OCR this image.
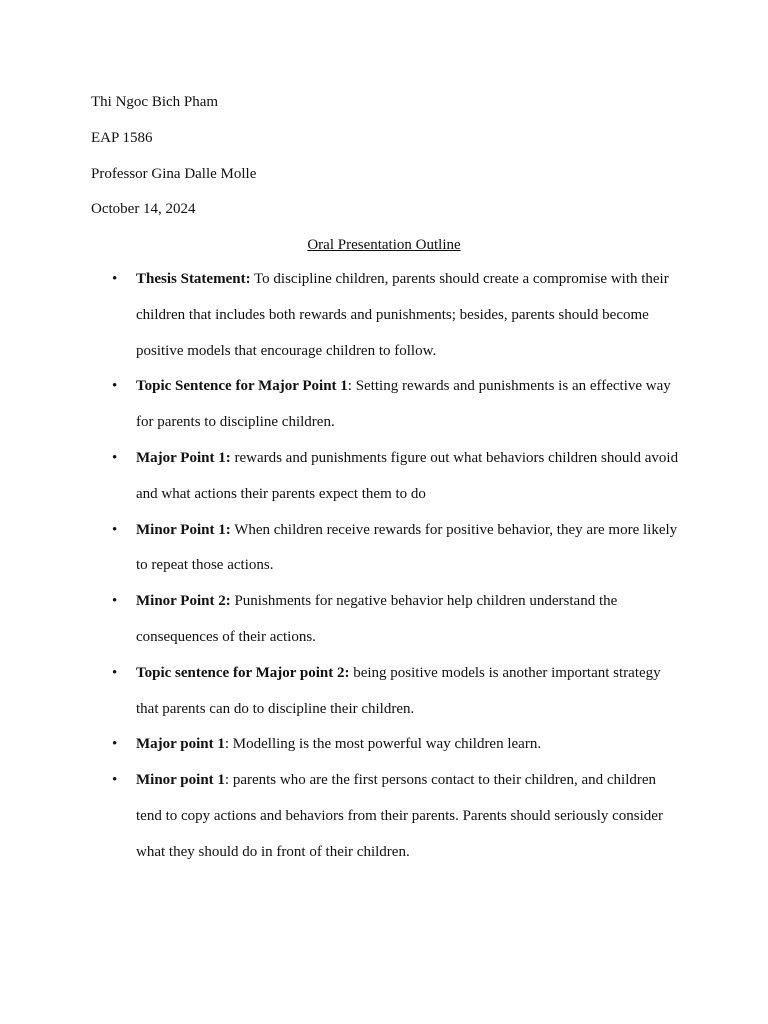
Thi Ngoc Bich Pham
EAP 1586
Professor Gina Dalle Molle
October 14, 2024
Oral Presentation Outline
• Thesis Statement: To discipline children, parents should create a compromise with their children that includes both rewards and punishments; besides, parents should become positive models that encourage children to follow.
• Topic Sentence for Major Point 1: Setting rewards and punishments is an effective way for parents to discipline children.
• Major Point 1: rewards and punishments figure out what behaviors children should avoid and what actions their parents expect them to do
• Minor Point 1: When children receive rewards for positive behavior, they are more likely to repeat those actions.
• Minor Point 2: Punishments for negative behavior help children understand the consequences of their actions.
• Topic sentence for Major point 2: being positive models is another important strategy that parents can do to discipline their children.
• Major point 1: Modelling is the most powerful way children learn.
• Minor point 1: parents who are the first persons contact to their children, and children tend to copy actions and behaviors from their parents. Parents should seriously consider what they should do in front of their children.
